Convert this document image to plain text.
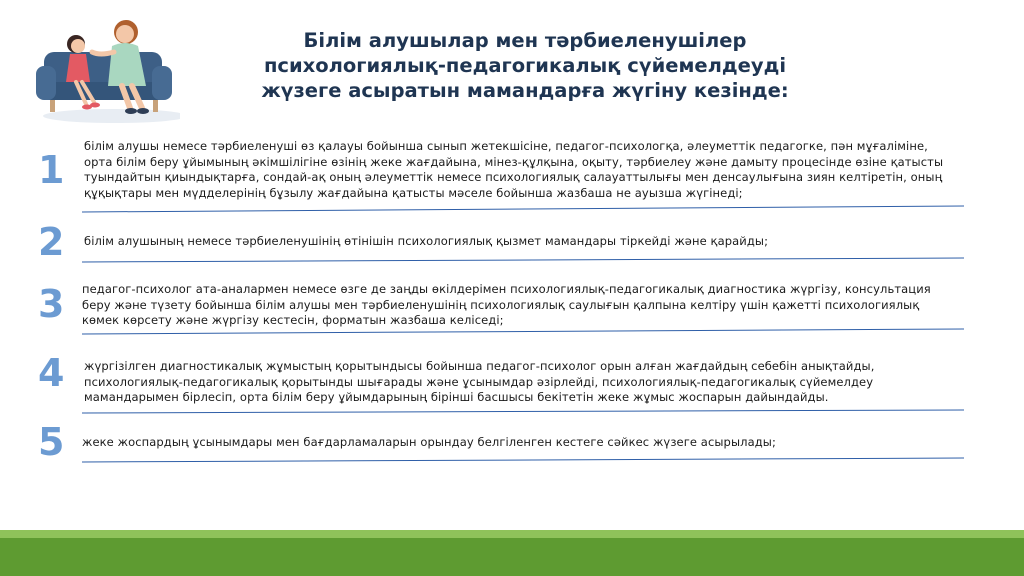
Білім алушылар мен тәрбиеленушілер
психологиялық-педагогикалық сүйемелдеуді
жүзеге асыратын мамандарға жүгіну кезінде:
1
білім алушы немесе тәрбиеленуші өз қалауы бойынша сынып жетекшісіне, педагог-психологқа, әлеуметтік педагогке, пән мұғалiмiне, орта білім беру ұйымының әкімшілігіне өзінің жеке жағдайына, мінез-құлқына, оқыту, тәрбиелеу және дамыту процесінде өзіне қатысты туындайтын қиындықтарға, сондай-ақ оның әлеуметтік немесе психологиялық салауаттылығы мен денсаулығына зиян келтіретін, оның құқықтары мен мүдделерінің бұзылу жағдайына қатысты мәселе бойынша жазбаша не ауызша жүгінеді;
2 білім алушының немесе тәрбиеленушінің өтінішін психологиялық қызмет мамандары тіркейді және қарайды;
3 педагог-психолог ата-аналармен немесе өзге де заңды өкілдерімен психологиялық-педагогикалық диагностика жүргізу, консультация беру және түзету бойынша білім алушы мен тәрбиеленушінің психологиялық саулығын қалпына келтіру үшін қажетті психологиялық көмек көрсету және жүргізу кестесін, форматын жазбаша келіседі;
4 жүргізілген диагностикалық жұмыстың қорытындысы бойынша педагог-психолог орын алған жағдайдың себебін анықтайды, психологиялық-педагогикалық қорытынды шығарады және ұсынымдар әзірлейді, психологиялық-педагогикалық сүйемелдеу мамандарымен бірлесіп, орта білім беру ұйымдарының бірінші басшысы бекітетін жеке жұмыс жоспарын дайындайды.
5 жеке жоспардың ұсынымдары мен бағдарламаларын орындау белгіленген кестеге сәйкес жүзеге асырылады;
